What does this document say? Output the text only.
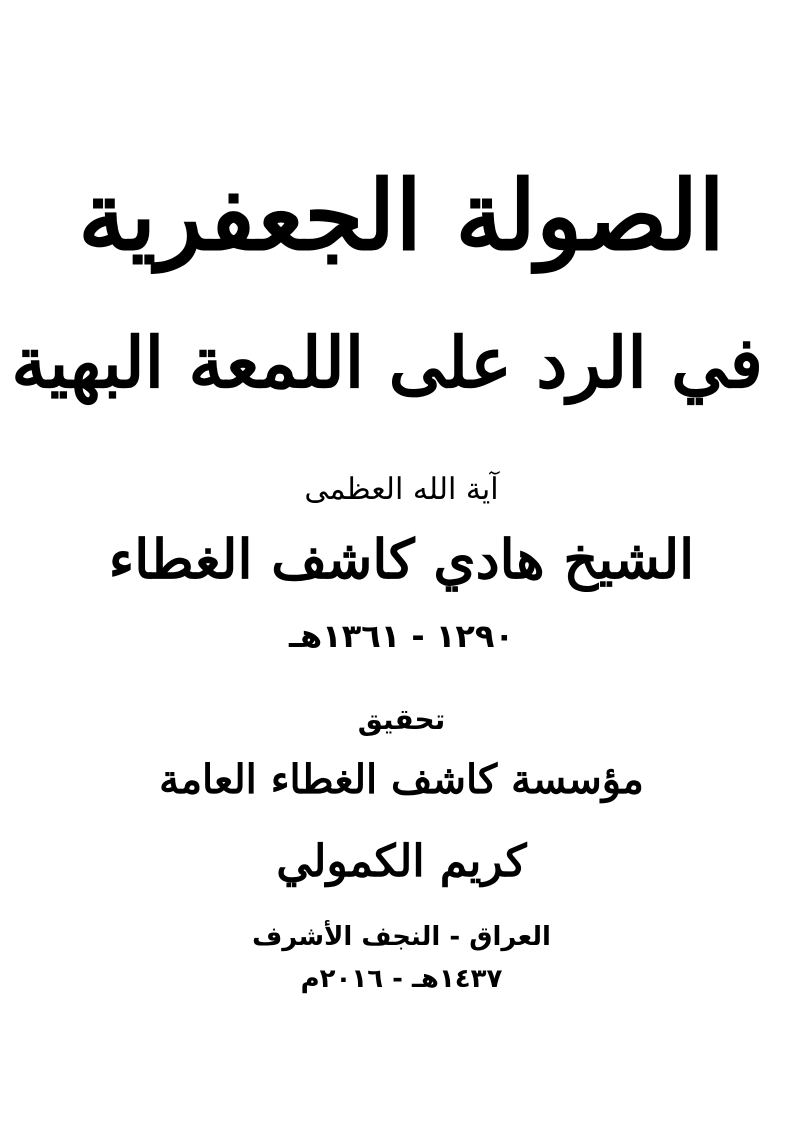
الصولة الجعفرية
في الرد على اللمعة البهية
آية الله العظمى
الشيخ هادي كاشف الغطاء
١٢٩٠ - ١٣٦١هـ
تحقيق
مؤسسة كاشف الغطاء العامة
كريم الكمولي
العراق - النجف الأشرف
١٤٣٧هـ - ٢٠١٦م
